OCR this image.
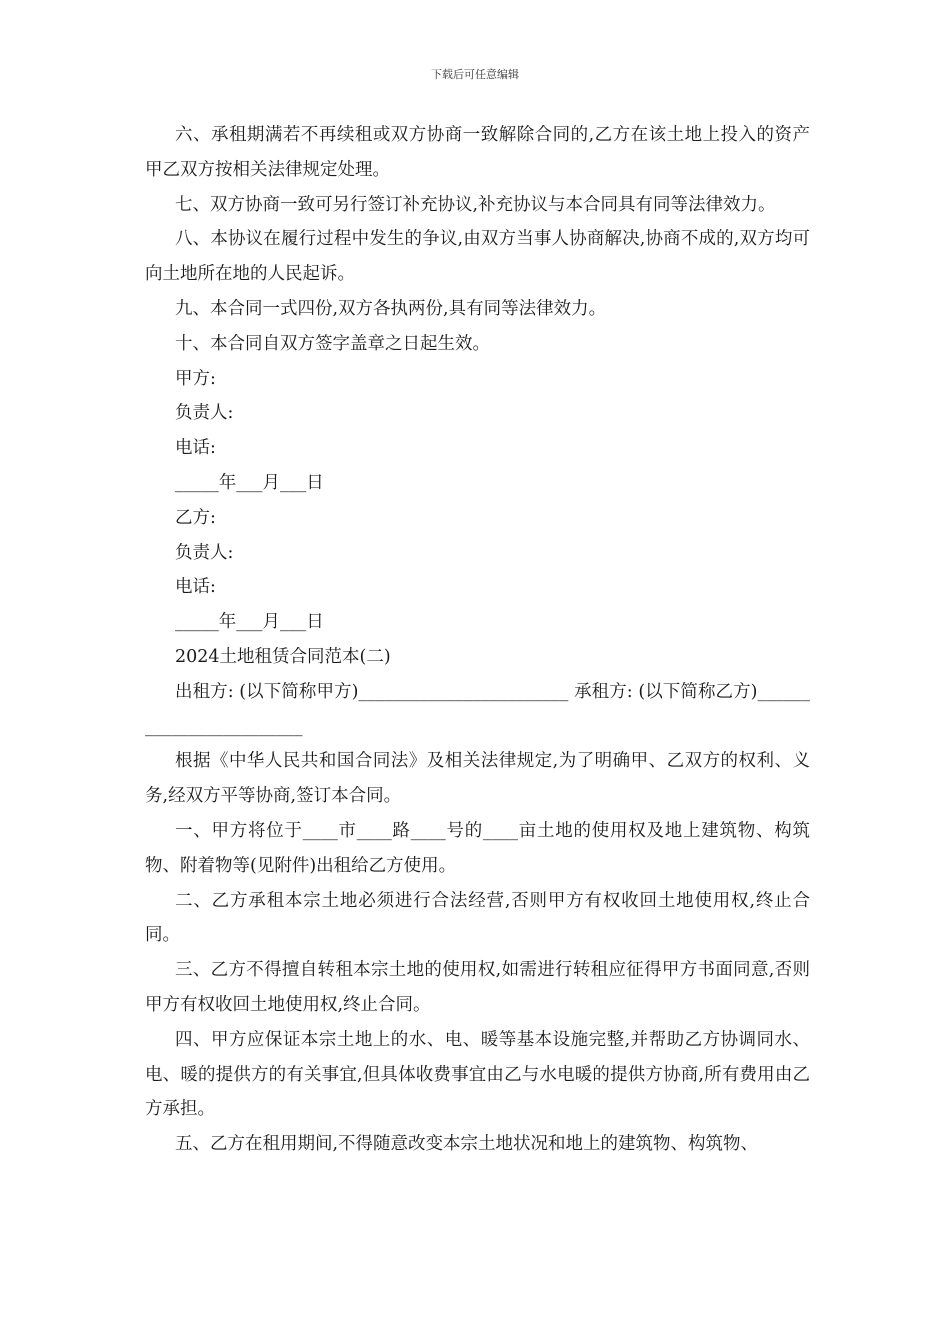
下载后可任意编辑

六、承租期满若不再续租或双方协商一致解除合同的,乙方在该土地上投入的资产甲乙双方按相关法律规定处理。

七、双方协商一致可另行签订补充协议,补充协议与本合同具有同等法律效力。

八、本协议在履行过程中发生的争议,由双方当事人协商解决,协商不成的,双方均可向土地所在地的人民起诉。

九、本合同一式四份,双方各执两份,具有同等法律效力。

十、本合同自双方签字盖章之日起生效。

甲方:

负责人:

电话:

_____年___月___日

乙方:

负责人:

电话:

_____年___月___日

2024土地租赁合同范本(二)

出租方: (以下简称甲方)________________________ 承租方: (以下简称乙方)________________________

根据《中华人民共和国合同法》及相关法律规定,为了明确甲、乙双方的权利、义务,经双方平等协商,签订本合同。

一、甲方将位于____市____路____号的____亩土地的使用权及地上建筑物、构筑物、附着物等(见附件)出租给乙方使用。

二、乙方承租本宗土地必须进行合法经营,否则甲方有权收回土地使用权,终止合同。

三、乙方不得擅自转租本宗土地的使用权,如需进行转租应征得甲方书面同意,否则甲方有权收回土地使用权,终止合同。

四、甲方应保证本宗土地上的水、电、暖等基本设施完整,并帮助乙方协调同水、电、暖的提供方的有关事宜,但具体收费事宜由乙与水电暖的提供方协商,所有费用由乙方承担。

五、乙方在租用期间,不得随意改变本宗土地状况和地上的建筑物、构筑物、
